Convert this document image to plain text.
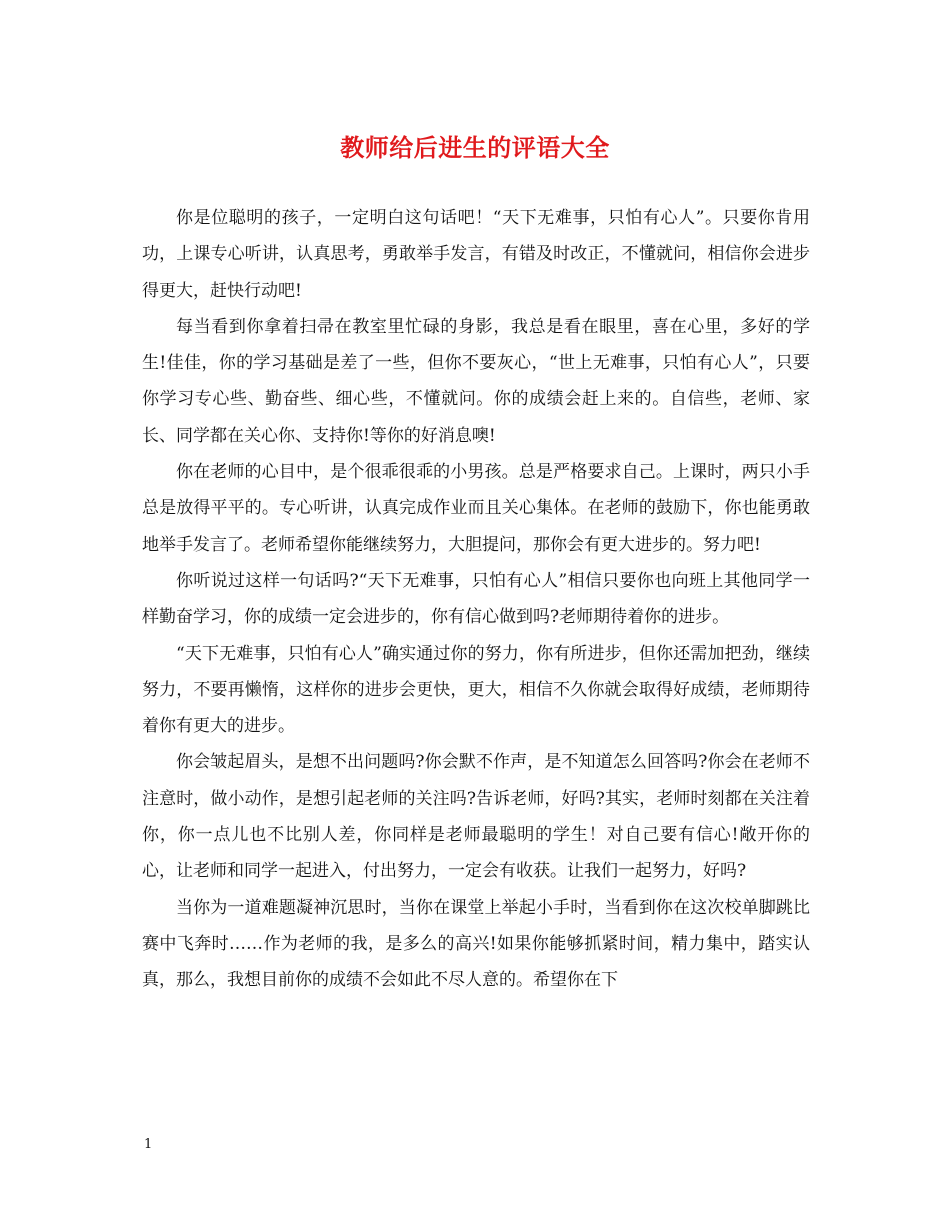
教师给后进生的评语大全

你是位聪明的孩子，一定明白这句话吧！“天下无难事，只怕有心人”。只要你肯用功，上课专心听讲，认真思考，勇敢举手发言，有错及时改正，不懂就问，相信你会进步得更大，赶快行动吧!

每当看到你拿着扫帚在教室里忙碌的身影，我总是看在眼里，喜在心里，多好的学生!佳佳，你的学习基础是差了一些，但你不要灰心，“世上无难事，只怕有心人”，只要你学习专心些、勤奋些、细心些，不懂就问。你的成绩会赶上来的。自信些，老师、家长、同学都在关心你、支持你!等你的好消息噢!

你在老师的心目中，是个很乖很乖的小男孩。总是严格要求自己。上课时，两只小手总是放得平平的。专心听讲，认真完成作业而且关心集体。在老师的鼓励下，你也能勇敢地举手发言了。老师希望你能继续努力，大胆提问，那你会有更大进步的。努力吧!

你听说过这样一句话吗?“天下无难事，只怕有心人”相信只要你也向班上其他同学一样勤奋学习，你的成绩一定会进步的，你有信心做到吗?老师期待着你的进步。

“天下无难事，只怕有心人”确实通过你的努力，你有所进步，但你还需加把劲，继续努力，不要再懒惰，这样你的进步会更快，更大，相信不久你就会取得好成绩，老师期待着你有更大的进步。

你会皱起眉头，是想不出问题吗?你会默不作声，是不知道怎么回答吗?你会在老师不注意时，做小动作，是想引起老师的关注吗?告诉老师，好吗?其实，老师时刻都在关注着你，你一点儿也不比别人差，你同样是老师最聪明的学生！对自己要有信心!敞开你的心，让老师和同学一起进入，付出努力，一定会有收获。让我们一起努力，好吗?

当你为一道难题凝神沉思时，当你在课堂上举起小手时，当看到你在这次校单脚跳比赛中飞奔时……作为老师的我，是多么的高兴!如果你能够抓紧时间，精力集中，踏实认真，那么，我想目前你的成绩不会如此不尽人意的。希望你在下

1
